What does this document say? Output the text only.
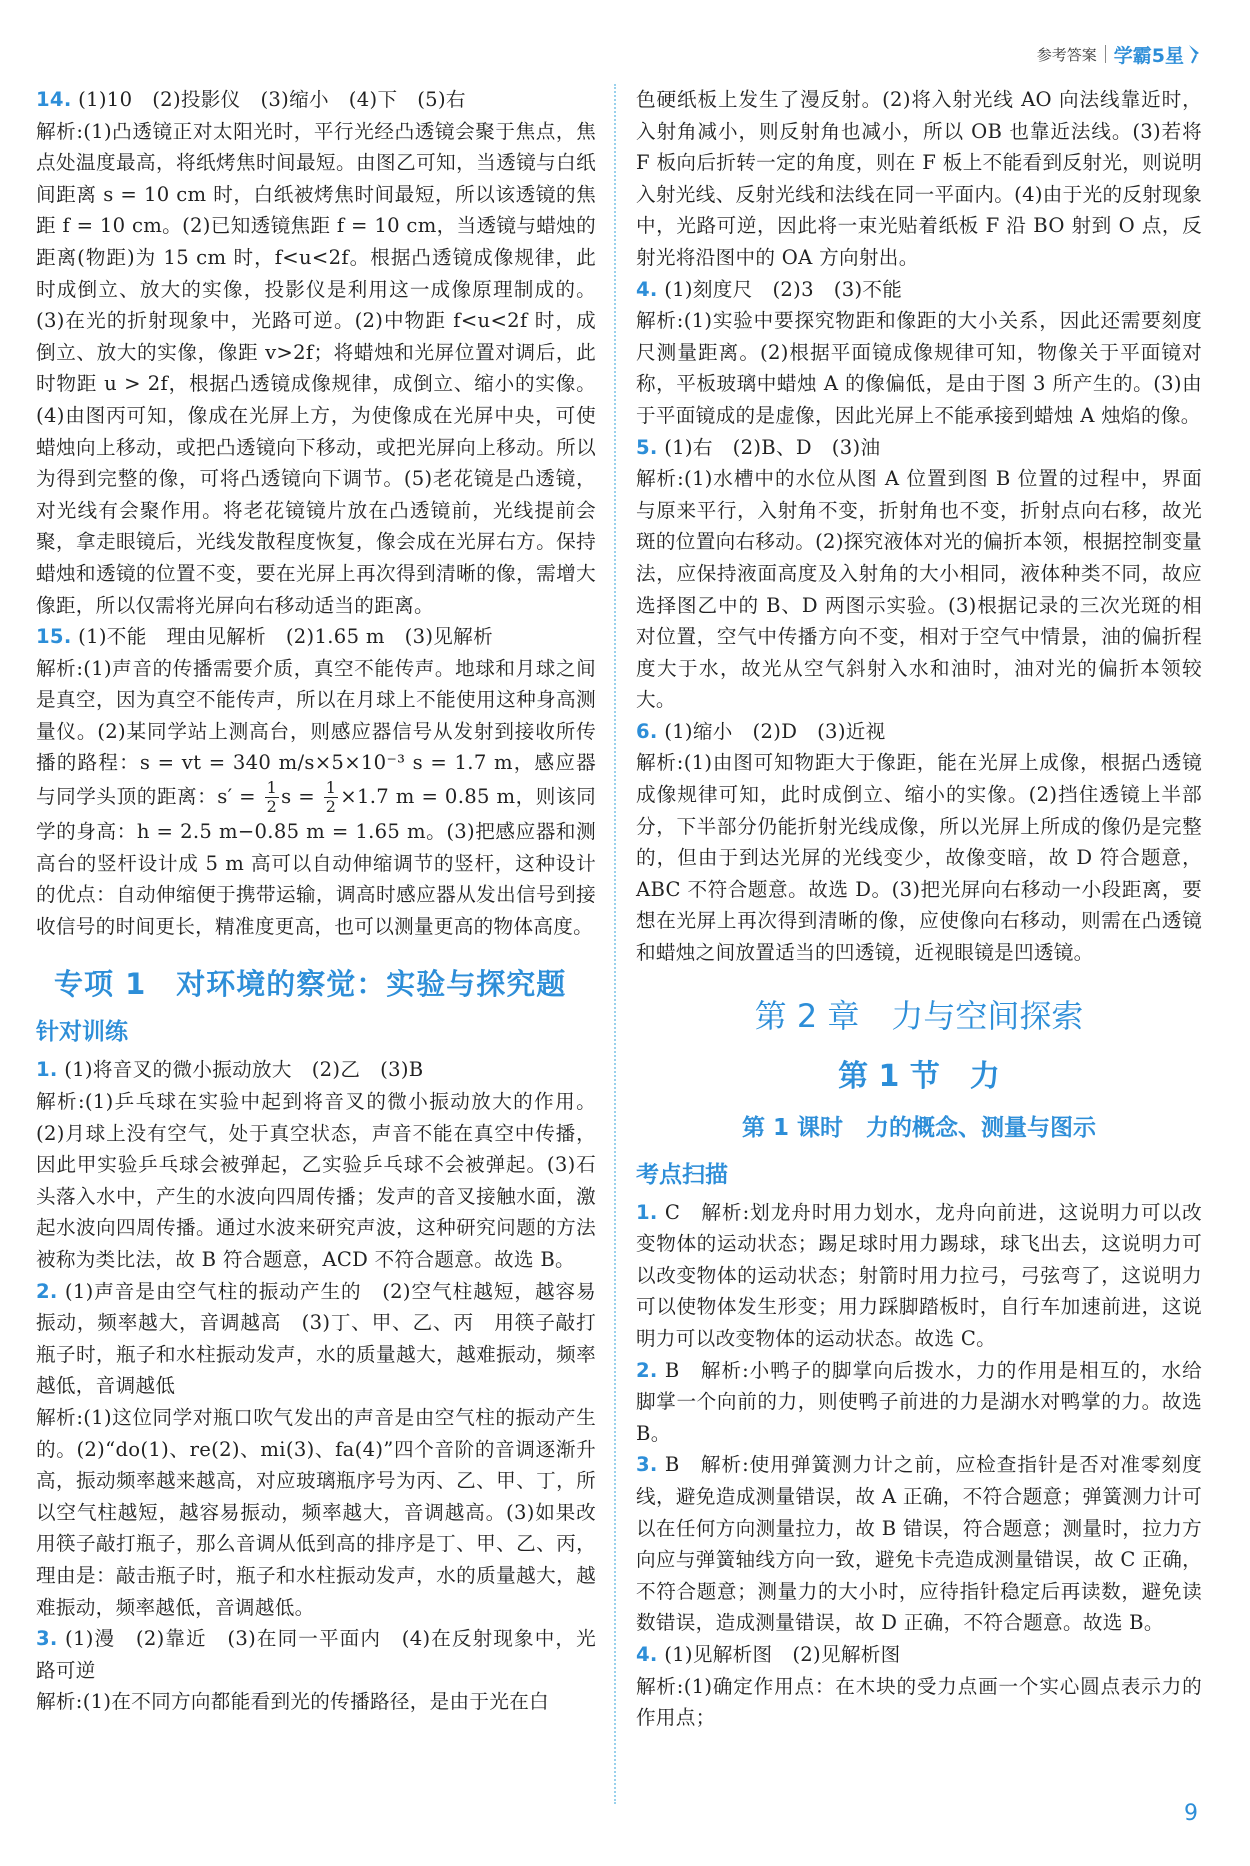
参考答案 学霸5星

14. (1)10　(2)投影仪　(3)缩小　(4)下　(5)右

解析:(1)凸透镜正对太阳光时，平行光经凸透镜会聚于焦点，焦点处温度最高，将纸烤焦时间最短。由图乙可知，当透镜与白纸间距离 s = 10 cm 时，白纸被烤焦时间最短，所以该透镜的焦距 f = 10 cm。(2)已知透镜焦距 f = 10 cm，当透镜与蜡烛的距离(物距)为 15 cm 时，f<u<2f。根据凸透镜成像规律，此时成倒立、放大的实像，投影仪是利用这一成像原理制成的。(3)在光的折射现象中，光路可逆。(2)中物距 f<u<2f 时，成倒立、放大的实像，像距 v>2f；将蜡烛和光屏位置对调后，此时物距 u > 2f，根据凸透镜成像规律，成倒立、缩小的实像。(4)由图丙可知，像成在光屏上方，为使像成在光屏中央，可使蜡烛向上移动，或把凸透镜向下移动，或把光屏向上移动。所以为得到完整的像，可将凸透镜向下调节。(5)老花镜是凸透镜，对光线有会聚作用。将老花镜镜片放在凸透镜前，光线提前会聚，拿走眼镜后，光线发散程度恢复，像会成在光屏右方。保持蜡烛和透镜的位置不变，要在光屏上再次得到清晰的像，需增大像距，所以仅需将光屏向右移动适当的距离。

15. (1)不能　理由见解析　(2)1.65 m　(3)见解析

解析:(1)声音的传播需要介质，真空不能传声。地球和月球之间是真空，因为真空不能传声，所以在月球上不能使用这种身高测量仪。(2)某同学站上测高台，则感应器信号从发射到接收所传播的路程：s = vt = 340 m/s×5×10⁻³ s = 1.7 m，感应器与同学头顶的距离：$s' = \frac{1}{2}$ $s = \frac{1}{2} \times 1.7$ m = 0.85 m，则该同学的身高：h = 2.5 m−0.85 m = 1.65 m。(3)把感应器和测高台的竖杆设计成 5 m 高可以自动伸缩调节的竖杆，这种设计的优点：自动伸缩便于携带运输，调高时感应器从发出信号到接收信号的时间更长，精准度更高，也可以测量更高的物体高度。

专项 1　对环境的察觉：实验与探究题
针对训练

1. (1)将音叉的微小振动放大　(2)乙　(3)B

解析:(1)乒乓球在实验中起到将音叉的微小振动放大的作用。(2)月球上没有空气，处于真空状态，声音不能在真空中传播，因此甲实验乒乓球会被弹起，乙实验乒乓球不会被弹起。(3)石头落入水中，产生的水波向四周传播；发声的音叉接触水面，激起水波向四周传播。通过水波来研究声波，这种研究问题的方法被称为类比法，故 B 符合题意，ACD 不符合题意。故选 B。

2. (1)声音是由空气柱的振动产生的　(2)空气柱越短，越容易振动，频率越大，音调越高　(3)丁、甲、乙、丙　用筷子敲打瓶子时，瓶子和水柱振动发声，水的质量越大，越难振动，频率越低，音调越低

解析:(1)这位同学对瓶口吹气发出的声音是由空气柱的振动产生的。(2)“do(1)、re(2)、mi(3)、fa(4)”四个音阶的音调逐渐升高，振动频率越来越高，对应玻璃瓶序号为丙、乙、甲、丁，所以空气柱越短，越容易振动，频率越大，音调越高。(3)如果改用筷子敲打瓶子，那么音调从低到高的排序是丁、甲、乙、丙，理由是：敲击瓶子时，瓶子和水柱振动发声，水的质量越大，越难振动，频率越低，音调越低。

3. (1)漫　(2)靠近　(3)在同一平面内　(4)在反射现象中，光路可逆

解析:(1)在不同方向都能看到光的传播路径，是由于光在白

色硬纸板上发生了漫反射。(2)将入射光线 AO 向法线靠近时，入射角减小，则反射角也减小，所以 OB 也靠近法线。(3)若将 F 板向后折转一定的角度，则在 F 板上不能看到反射光，则说明入射光线、反射光线和法线在同一平面内。(4)由于光的反射现象中，光路可逆，因此将一束光贴着纸板 F 沿 BO 射到 O 点，反射光将沿图中的 OA 方向射出。

4. (1)刻度尺　(2)3　(3)不能

解析:(1)实验中要探究物距和像距的大小关系，因此还需要刻度尺测量距离。(2)根据平面镜成像规律可知，物像关于平面镜对称，平板玻璃中蜡烛 A 的像偏低，是由于图 3 所产生的。(3)由于平面镜成的是虚像，因此光屏上不能承接到蜡烛 A 烛焰的像。

5. (1)右　(2)B、D　(3)油

解析:(1)水槽中的水位从图 A 位置到图 B 位置的过程中，界面与原来平行，入射角不变，折射角也不变，折射点向右移，故光斑的位置向右移动。(2)探究液体对光的偏折本领，根据控制变量法，应保持液面高度及入射角的大小相同，液体种类不同，故应选择图乙中的 B、D 两图示实验。(3)根据记录的三次光斑的相对位置，空气中传播方向不变，相对于空气中情景，油的偏折程度大于水，故光从空气斜射入水和油时，油对光的偏折本领较大。

6. (1)缩小　(2)D　(3)近视

解析:(1)由图可知物距大于像距，能在光屏上成像，根据凸透镜成像规律可知，此时成倒立、缩小的实像。(2)挡住透镜上半部分，下半部分仍能折射光线成像，所以光屏上所成的像仍是完整的，但由于到达光屏的光线变少，故像变暗，故 D 符合题意，ABC 不符合题意。故选 D。(3)把光屏向右移动一小段距离，要想在光屏上再次得到清晰的像，应使像向右移动，则需在凸透镜和蜡烛之间放置适当的凹透镜，近视眼镜是凹透镜。

第 2 章　力与空间探索
第 1 节　力
第 1 课时　力的概念、测量与图示
考点扫描

1. C　解析:划龙舟时用力划水，龙舟向前进，这说明力可以改变物体的运动状态；踢足球时用力踢球，球飞出去，这说明力可以改变物体的运动状态；射箭时用力拉弓，弓弦弯了，这说明力可以使物体发生形变；用力踩脚踏板时，自行车加速前进，这说明力可以改变物体的运动状态。故选 C。

2. B　解析:小鸭子的脚掌向后拨水，力的作用是相互的，水给脚掌一个向前的力，则使鸭子前进的力是湖水对鸭掌的力。故选 B。

3. B　解析:使用弹簧测力计之前，应检查指针是否对准零刻度线，避免造成测量错误，故 A 正确，不符合题意；弹簧测力计可以在任何方向测量拉力，故 B 错误，符合题意；测量时，拉力方向应与弹簧轴线方向一致，避免卡壳造成测量错误，故 C 正确，不符合题意；测量力的大小时，应待指针稳定后再读数，避免读数错误，造成测量错误，故 D 正确，不符合题意。故选 B。

4. (1)见解析图　(2)见解析图

解析:(1)确定作用点：在木块的受力点画一个实心圆点表示力的作用点；

9
